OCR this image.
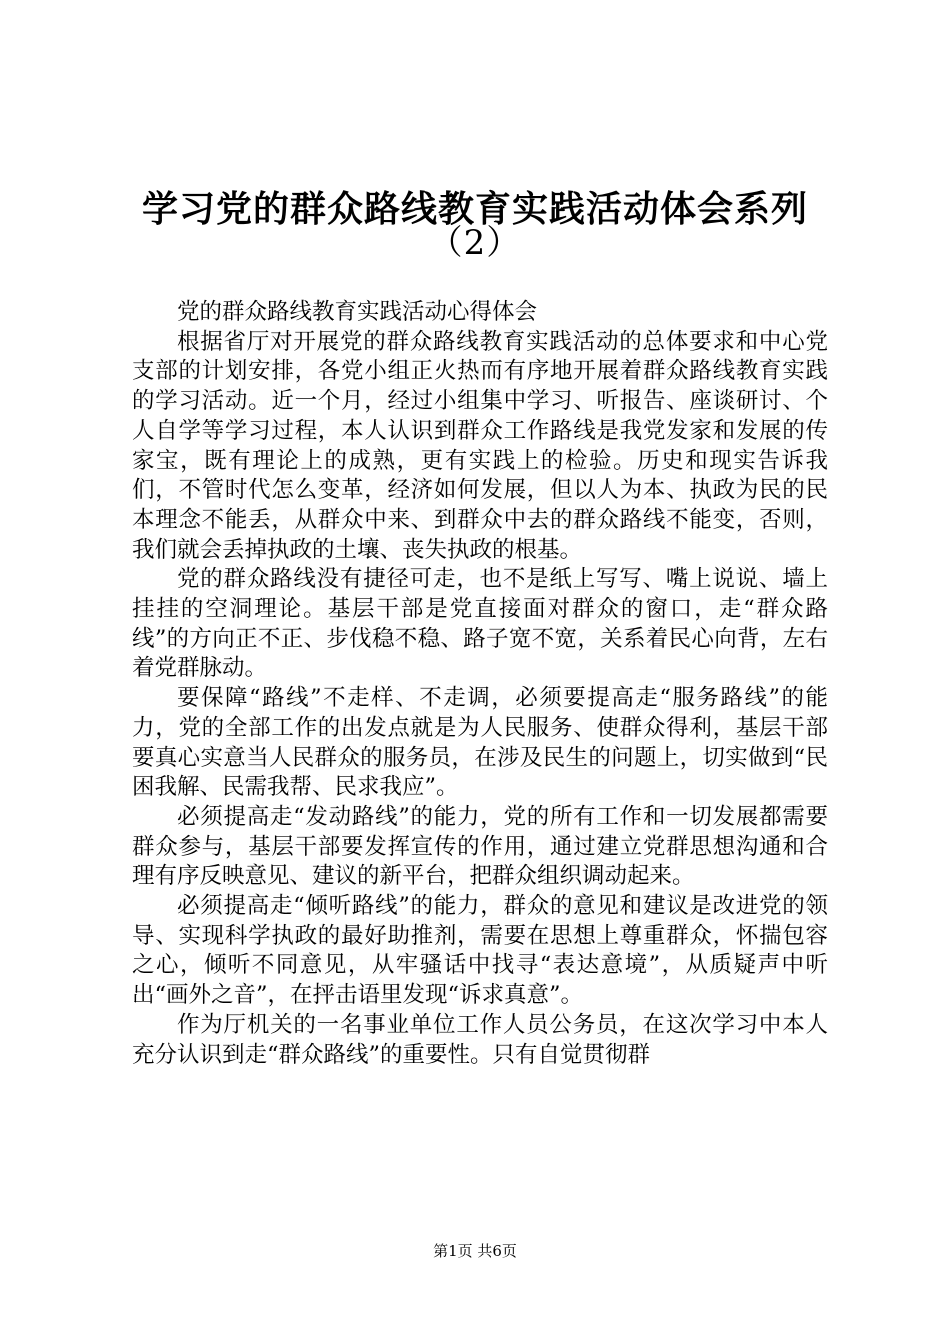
学习党的群众路线教育实践活动体会系列
（2）

党的群众路线教育实践活动心得体会

根据省厅对开展党的群众路线教育实践活动的总体要求和中心党支部的计划安排，各党小组正火热而有序地开展着群众路线教育实践的学习活动。近一个月，经过小组集中学习、听报告、座谈研讨、个人自学等学习过程，本人认识到群众工作路线是我党发家和发展的传家宝，既有理论上的成熟，更有实践上的检验。历史和现实告诉我们，不管时代怎么变革，经济如何发展，但以人为本、执政为民的民本理念不能丢，从群众中来、到群众中去的群众路线不能变，否则，我们就会丢掉执政的土壤、丧失执政的根基。

党的群众路线没有捷径可走，也不是纸上写写、嘴上说说、墙上挂挂的空洞理论。基层干部是党直接面对群众的窗口，走“群众路线”的方向正不正、步伐稳不稳、路子宽不宽，关系着民心向背，左右着党群脉动。

要保障“路线”不走样、不走调，必须要提高走“服务路线”的能力，党的全部工作的出发点就是为人民服务、使群众得利，基层干部要真心实意当人民群众的服务员，在涉及民生的问题上，切实做到“民困我解、民需我帮、民求我应”。

必须提高走“发动路线”的能力，党的所有工作和一切发展都需要群众参与，基层干部要发挥宣传的作用，通过建立党群思想沟通和合理有序反映意见、建议的新平台，把群众组织调动起来。

必须提高走“倾听路线”的能力，群众的意见和建议是改进党的领导、实现科学执政的最好助推剂，需要在思想上尊重群众，怀揣包容之心，倾听不同意见，从牢骚话中找寻“表达意境”，从质疑声中听出“画外之音”，在抨击语里发现“诉求真意”。

作为厅机关的一名事业单位工作人员公务员，在这次学习中本人充分认识到走“群众路线”的重要性。只有自觉贯彻群

第1页 共6页
